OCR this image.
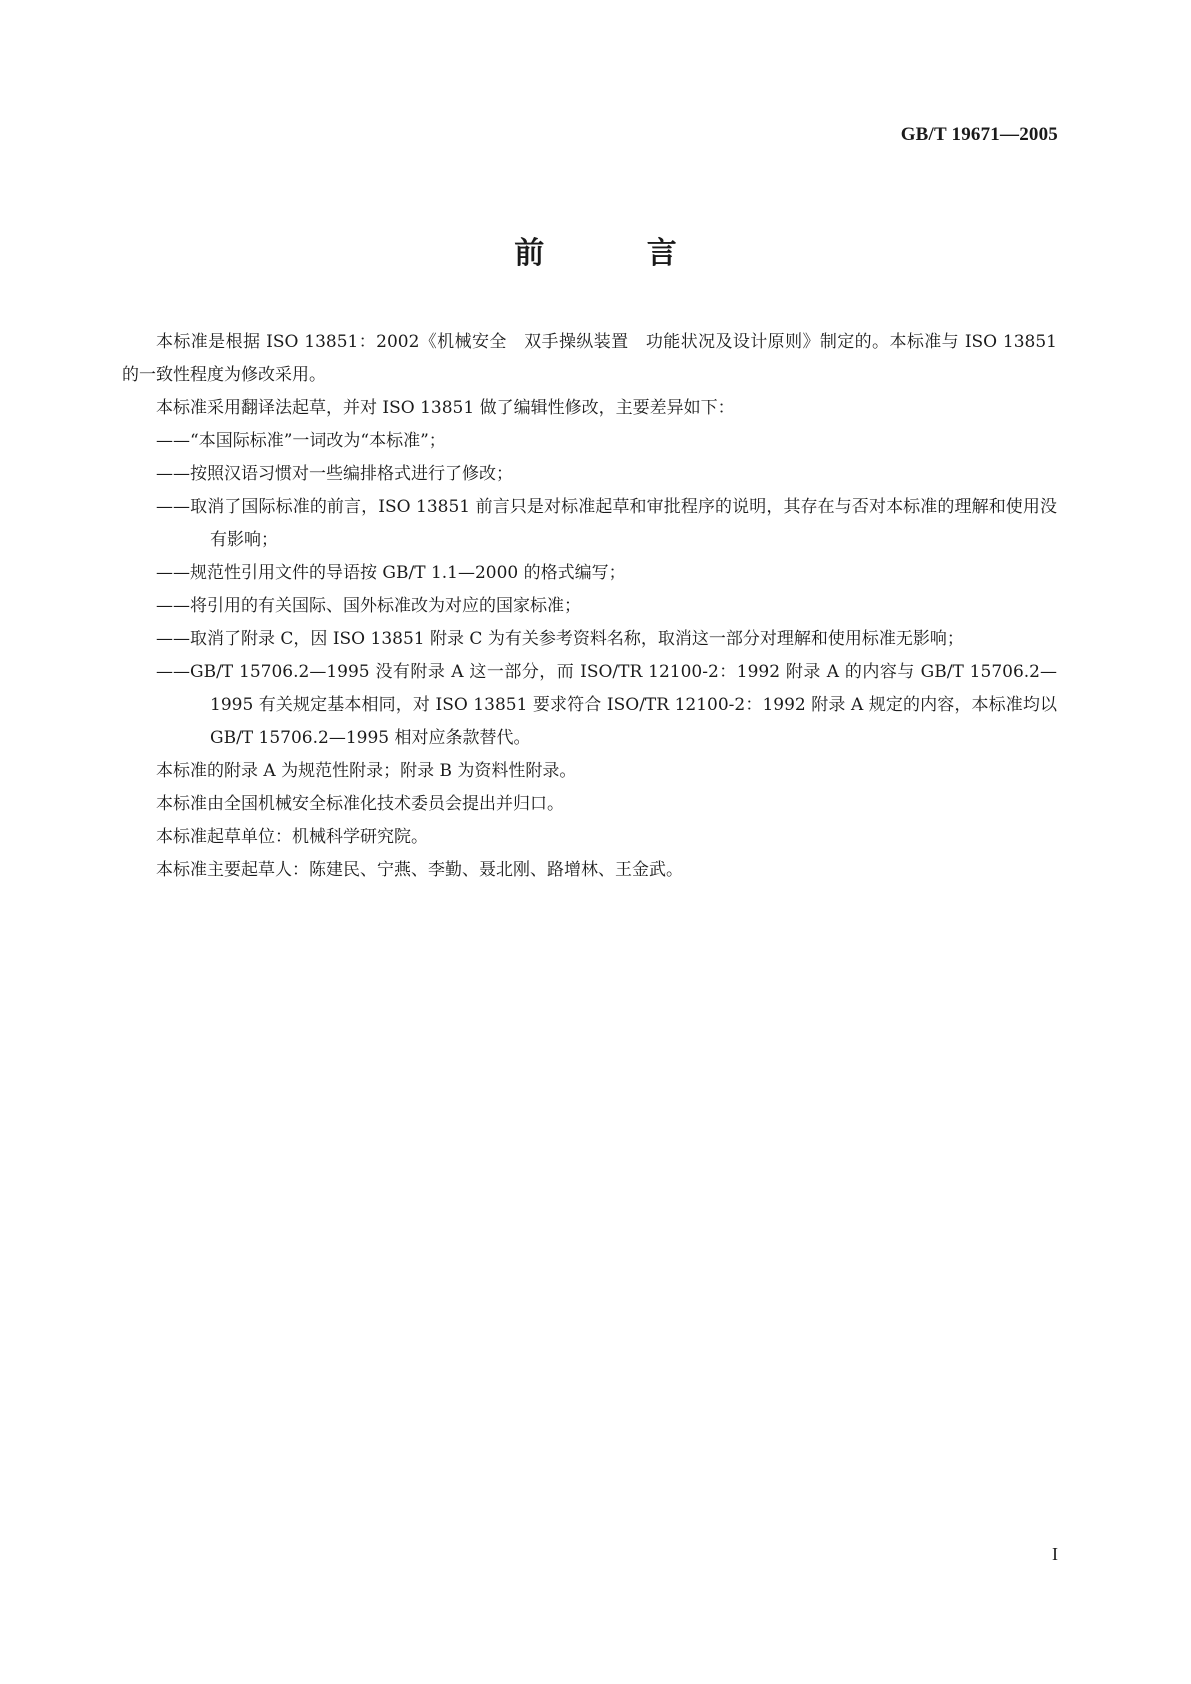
GB/T 19671—2005
前 言

本标准是根据 ISO 13851：2002《机械安全　双手操纵装置　功能状况及设计原则》制定的。本标准与 ISO 13851 的一致性程度为修改采用。

本标准采用翻译法起草，并对 ISO 13851 做了编辑性修改，主要差异如下：

——“本国际标准”一词改为“本标准”；

——按照汉语习惯对一些编排格式进行了修改；

——取消了国际标准的前言，ISO 13851 前言只是对标准起草和审批程序的说明，其存在与否对本标准的理解和使用没有影响；

——规范性引用文件的导语按 GB/T 1.1—2000 的格式编写；

——将引用的有关国际、国外标准改为对应的国家标准；

——取消了附录 C，因 ISO 13851 附录 C 为有关参考资料名称，取消这一部分对理解和使用标准无影响；

——GB/T 15706.2—1995 没有附录 A 这一部分，而 ISO/TR 12100-2：1992 附录 A 的内容与 GB/T 15706.2—1995 有关规定基本相同，对 ISO 13851 要求符合 ISO/TR 12100-2：1992 附录 A 规定的内容，本标准均以 GB/T 15706.2—1995 相对应条款替代。

本标准的附录 A 为规范性附录；附录 B 为资料性附录。

本标准由全国机械安全标准化技术委员会提出并归口。

本标准起草单位：机械科学研究院。

本标准主要起草人：陈建民、宁燕、李勤、聂北刚、路增林、王金武。

I
